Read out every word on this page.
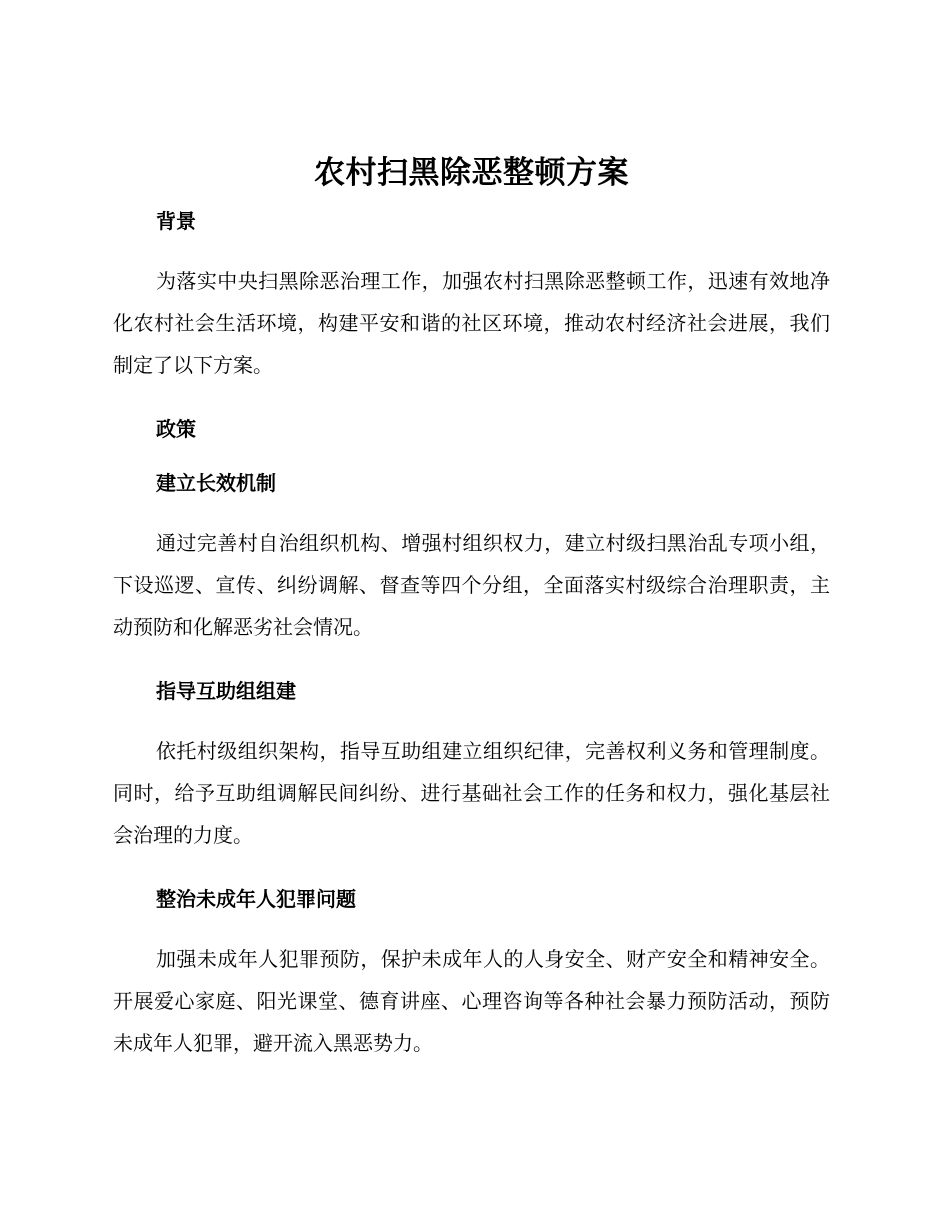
农村扫黑除恶整顿方案
背景

为落实中央扫黑除恶治理工作，加强农村扫黑除恶整顿工作，迅速有效地净化农村社会生活环境，构建平安和谐的社区环境，推动农村经济社会进展，我们制定了以下方案。

政策
建立长效机制

通过完善村自治组织机构、增强村组织权力，建立村级扫黑治乱专项小组，下设巡逻、宣传、纠纷调解、督查等四个分组，全面落实村级综合治理职责，主动预防和化解恶劣社会情况。

指导互助组组建

依托村级组织架构，指导互助组建立组织纪律，完善权利义务和管理制度。同时，给予互助组调解民间纠纷、进行基础社会工作的任务和权力，强化基层社会治理的力度。

整治未成年人犯罪问题

加强未成年人犯罪预防，保护未成年人的人身安全、财产安全和精神安全。开展爱心家庭、阳光课堂、德育讲座、心理咨询等各种社会暴力预防活动，预防未成年人犯罪，避开流入黑恶势力。
